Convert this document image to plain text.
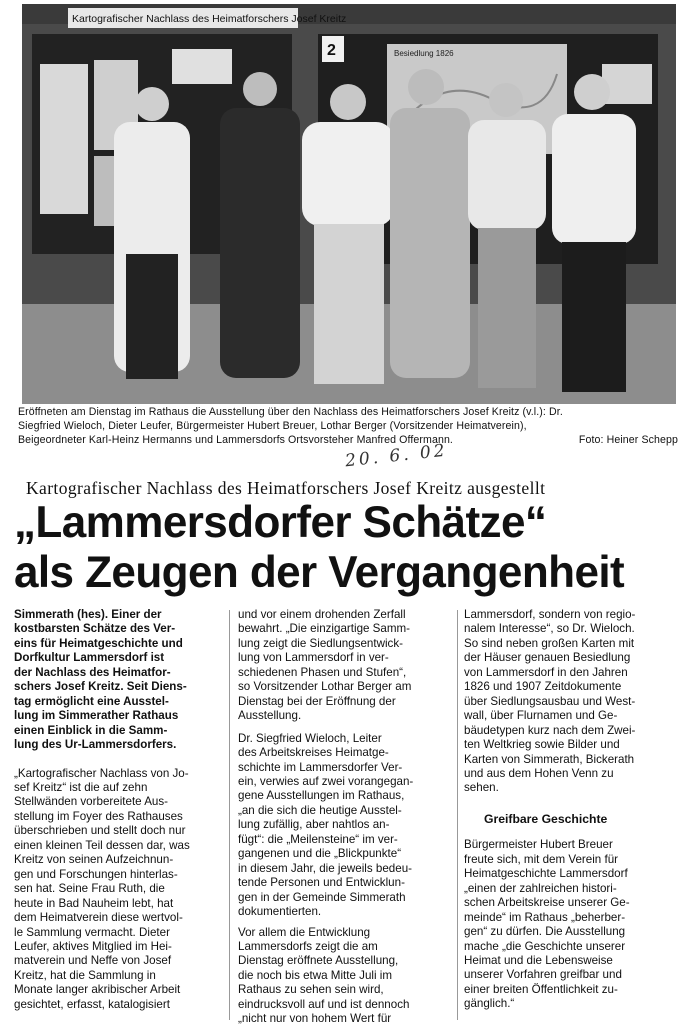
Kartografischer Nachlass des Heimatforschers Josef Kreitz
2	Besiedlung 1826

Eröffneten am Dienstag im Rathaus die Ausstellung über den Nachlass des Heimatforschers Josef Kreitz (v.l.): Dr.

Siegfried Wieloch, Dieter Leufer, Bürgermeister Hubert Breuer, Lothar Berger (Vorsitzender Heimatverein),

Beigeordneter Karl-Heinz Hermanns und Lammersdorfs Ortsvorsteher Manfred Offermann.	Foto: Heiner Schepp

20. 6. 02
Kartografischer Nachlass des Heimatforschers Josef Kreitz ausgestellt
„Lammersdorfer Schätze“
als Zeugen der Vergangenheit

Simmerath (hes). Einer der

kostbarsten Schätze des Ver-

eins für Heimatgeschichte und

Dorfkultur Lammersdorf ist

der Nachlass des Heimatfor-

schers Josef Kreitz. Seit Diens-

tag ermöglicht eine Ausstel-

lung im Simmerather Rathaus

einen Einblick in die Samm-

lung des Ur-Lammersdorfers.

„Kartografischer Nachlass von Jo-

sef Kreitz“ ist die auf zehn

Stellwänden vorbereitete Aus-

stellung im Foyer des Rathauses

überschrieben und stellt doch nur

einen kleinen Teil dessen dar, was

Kreitz von seinen Aufzeichnun-

gen und Forschungen hinterlas-

sen hat. Seine Frau Ruth, die

heute in Bad Nauheim lebt, hat

dem Heimatverein diese wertvol-

le Sammlung vermacht. Dieter

Leufer, aktives Mitglied im Hei-

matverein und Neffe von Josef

Kreitz, hat die Sammlung in

Monate langer akribischer Arbeit

gesichtet, erfasst, katalogisiert

und vor einem drohenden Zerfall

bewahrt. „Die einzigartige Samm-

lung zeigt die Siedlungsentwick-

lung von Lammersdorf in ver-

schiedenen Phasen und Stufen“,

so Vorsitzender Lothar Berger am

Dienstag bei der Eröffnung der

Ausstellung.

Dr. Siegfried Wieloch, Leiter

des Arbeitskreises Heimatge-

schichte im Lammersdorfer Ver-

ein, verwies auf zwei vorangegan-

gene Ausstellungen im Rathaus,

„an die sich die heutige Ausstel-

lung zufällig, aber nahtlos an-

fügt“: die „Meilensteine“ im ver-

gangenen und die „Blickpunkte“

in diesem Jahr, die jeweils bedeu-

tende Personen und Entwicklun-

gen in der Gemeinde Simmerath

dokumentierten.

Vor allem die Entwicklung

Lammersdorfs zeigt die am

Dienstag eröffnete Ausstellung,

die noch bis etwa Mitte Juli im

Rathaus zu sehen sein wird,

eindrucksvoll auf und ist dennoch

„nicht nur von hohem Wert für

Lammersdorf, sondern von regio-

nalem Interesse“, so Dr. Wieloch.

So sind neben großen Karten mit

der Häuser genauen Besiedlung

von Lammersdorf in den Jahren

1826 und 1907 Zeitdokumente

über Siedlungsausbau und West-

wall, über Flurnamen und Ge-

bäudetypen kurz nach dem Zwei-

ten Weltkrieg sowie Bilder und

Karten von Simmerath, Bickerath

und aus dem Hohen Venn zu

sehen.

Greifbare Geschichte

Bürgermeister Hubert Breuer

freute sich, mit dem Verein für

Heimatgeschichte Lammersdorf

„einen der zahlreichen histori-

schen Arbeitskreise unserer Ge-

meinde“ im Rathaus „beherber-

gen“ zu dürfen. Die Ausstellung

mache „die Geschichte unserer

Heimat und die Lebensweise

unserer Vorfahren greifbar und

einer breiten Öffentlichkeit zu-

gänglich.“
